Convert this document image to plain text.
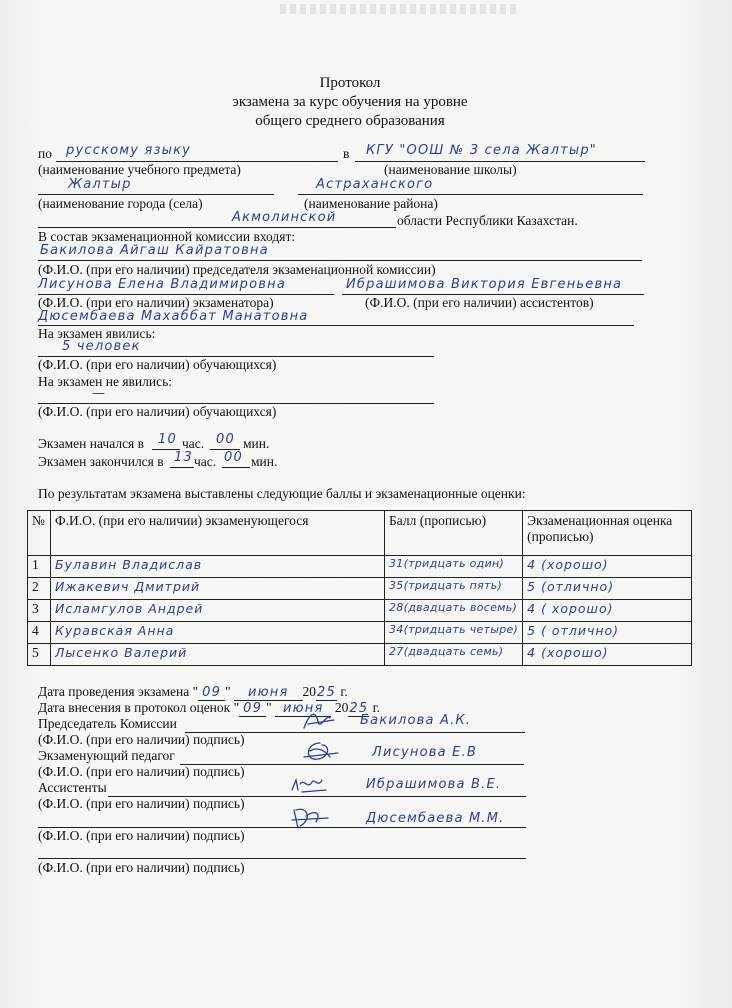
Протокол
экзамена за курс обучения на уровне
общего среднего образования
по русскому языку	в КГУ "ООШ № 3 села Жалтыр"
(наименование учебного предмета)	(наименование школы)
Жалтыр	Астраханского
(наименование города (села)	(наименование района)
Акмолинской	области Республики Казахстан.
В состав экзаменационной комиссии входят:
Бакилова Айгаш Кайратовна
(Ф.И.О. (при его наличии) председателя экзаменационной комиссии)
Лисунова Елена Владимировна	Ибрашимова Виктория Евгеньевна
(Ф.И.О. (при его наличии) экзаменатора)	(Ф.И.О. (при его наличии) ассистентов)
Дюсембаева Махаббат Манатовна
На экзамен явились:
5 человек
(Ф.И.О. (при его наличии) обучающихся)
На экзамен не явились:
—
(Ф.И.О. (при его наличии) обучающихся)
Экзамен начался в 10 час. 00 мин.
Экзамен закончился в 13 час. 00 мин.
По результатам экзамена выставлены следующие баллы и экзаменационные оценки:
№	Ф.И.О. (при его наличии) экзаменующегося	Балл (прописью)	Экзаменационная оценка (прописью)
1	Булавин Владислав	31(тридцать один)	4 (хорошо)
2	Ижакевич Дмитрий	35(тридцать пять)	5 (отлично)
3	Исламгулов Андрей	28(двадцать восемь)	4 ( хорошо)
4	Куравская Анна	34(тридцать четыре)	5 ( отлично)
5	Лысенко Валерий	27(двадцать семь)	4 (хорошо)
Дата проведения экзамена " 09 " июня 2025 г.
Дата внесения в протокол оценок " 09 " июня 2025 г.
Председатель Комиссии	Бакилова А.К.
(Ф.И.О. (при его наличии) подпись)
Экзаменующий педагог	Лисунова Е.В
(Ф.И.О. (при его наличии) подпись)
Ассистенты	Ибрашимова В.Е.
(Ф.И.О. (при его наличии) подпись)
Дюсембаева М.М.
(Ф.И.О. (при его наличии) подпись)
(Ф.И.О. (при его наличии) подпись)
